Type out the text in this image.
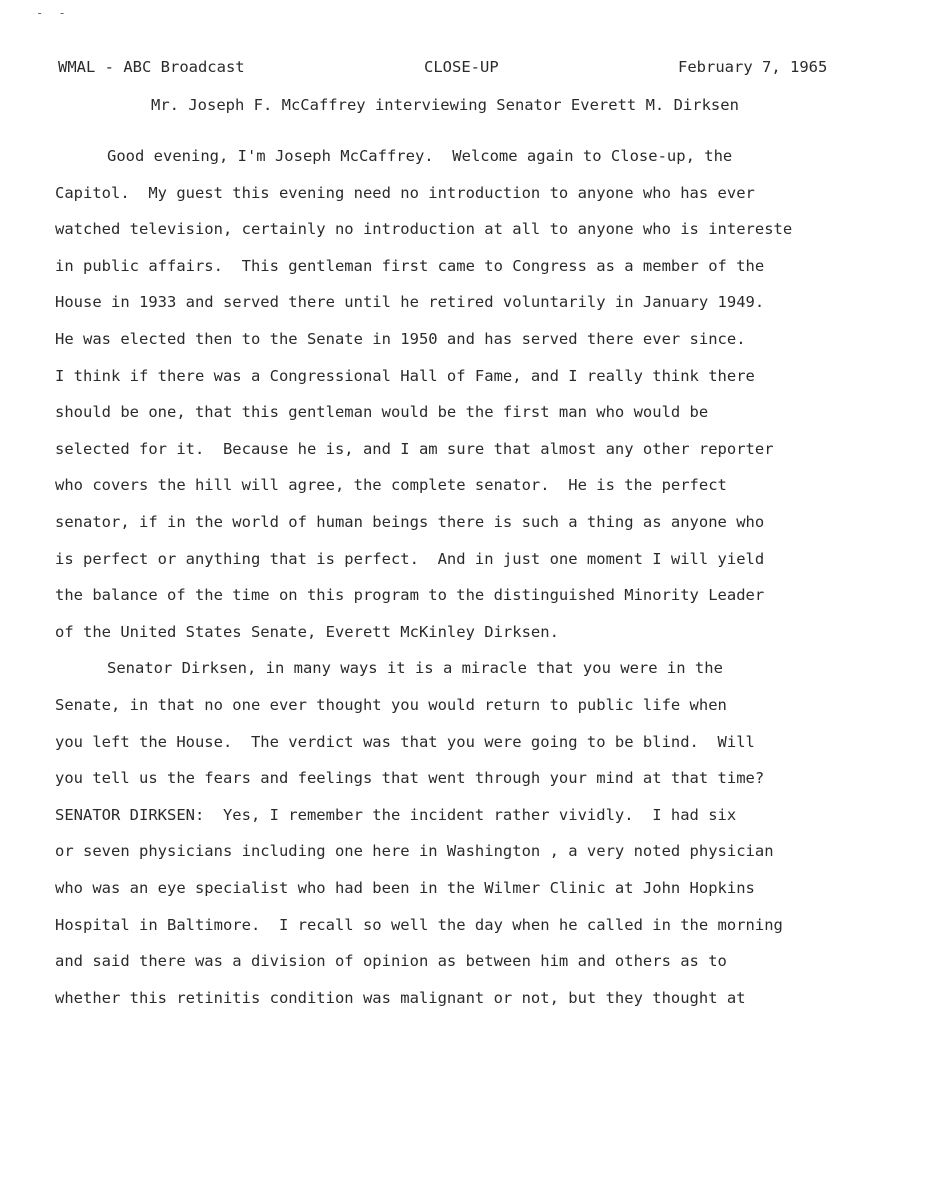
- -
WMAL - ABC Broadcast	CLOSE-UP	February 7, 1965
Mr. Joseph F. McCaffrey interviewing Senator Everett M. Dirksen
Good evening, I'm Joseph McCaffrey.  Welcome again to Close-up, the
Capitol.  My guest this evening need no introduction to anyone who has ever
watched television, certainly no introduction at all to anyone who is intereste
in public affairs.  This gentleman first came to Congress as a member of the
House in 1933 and served there until he retired voluntarily in January 1949.
He was elected then to the Senate in 1950 and has served there ever since.
I think if there was a Congressional Hall of Fame, and I really think there
should be one, that this gentleman would be the first man who would be
selected for it.  Because he is, and I am sure that almost any other reporter
who covers the hill will agree, the complete senator.  He is the perfect
senator, if in the world of human beings there is such a thing as anyone who
is perfect or anything that is perfect.  And in just one moment I will yield
the balance of the time on this program to the distinguished Minority Leader
of the United States Senate, Everett McKinley Dirksen.
Senator Dirksen, in many ways it is a miracle that you were in the
Senate, in that no one ever thought you would return to public life when
you left the House.  The verdict was that you were going to be blind.  Will
you tell us the fears and feelings that went through your mind at that time?
SENATOR DIRKSEN:  Yes, I remember the incident rather vividly.  I had six
or seven physicians including one here in Washington , a very noted physician
who was an eye specialist who had been in the Wilmer Clinic at John Hopkins
Hospital in Baltimore.  I recall so well the day when he called in the morning
and said there was a division of opinion as between him and others as to
whether this retinitis condition was malignant or not, but they thought at
